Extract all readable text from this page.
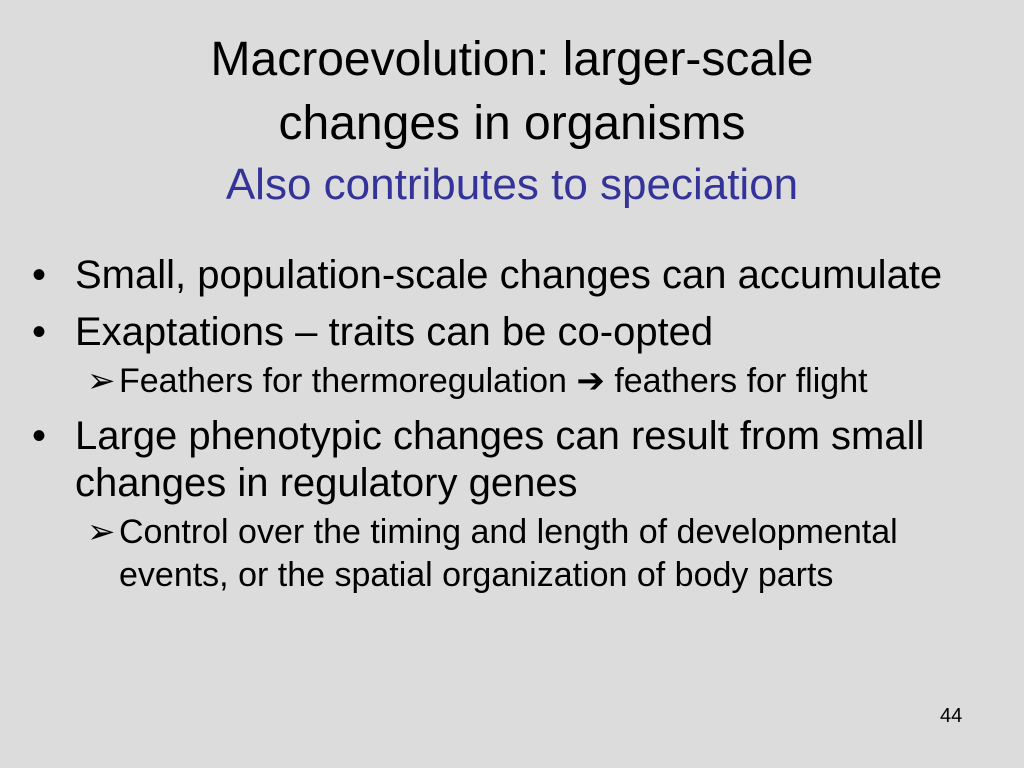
Macroevolution: larger-scale
changes in organisms
Also contributes to speciation
• Small, population-scale changes can accumulate
• Exaptations – traits can be co-opted
➢ Feathers for thermoregulation ➔ feathers for flight
• Large phenotypic changes can result from small changes in regulatory genes
➢ Control over the timing and length of developmental events, or the spatial organization of body parts
44
